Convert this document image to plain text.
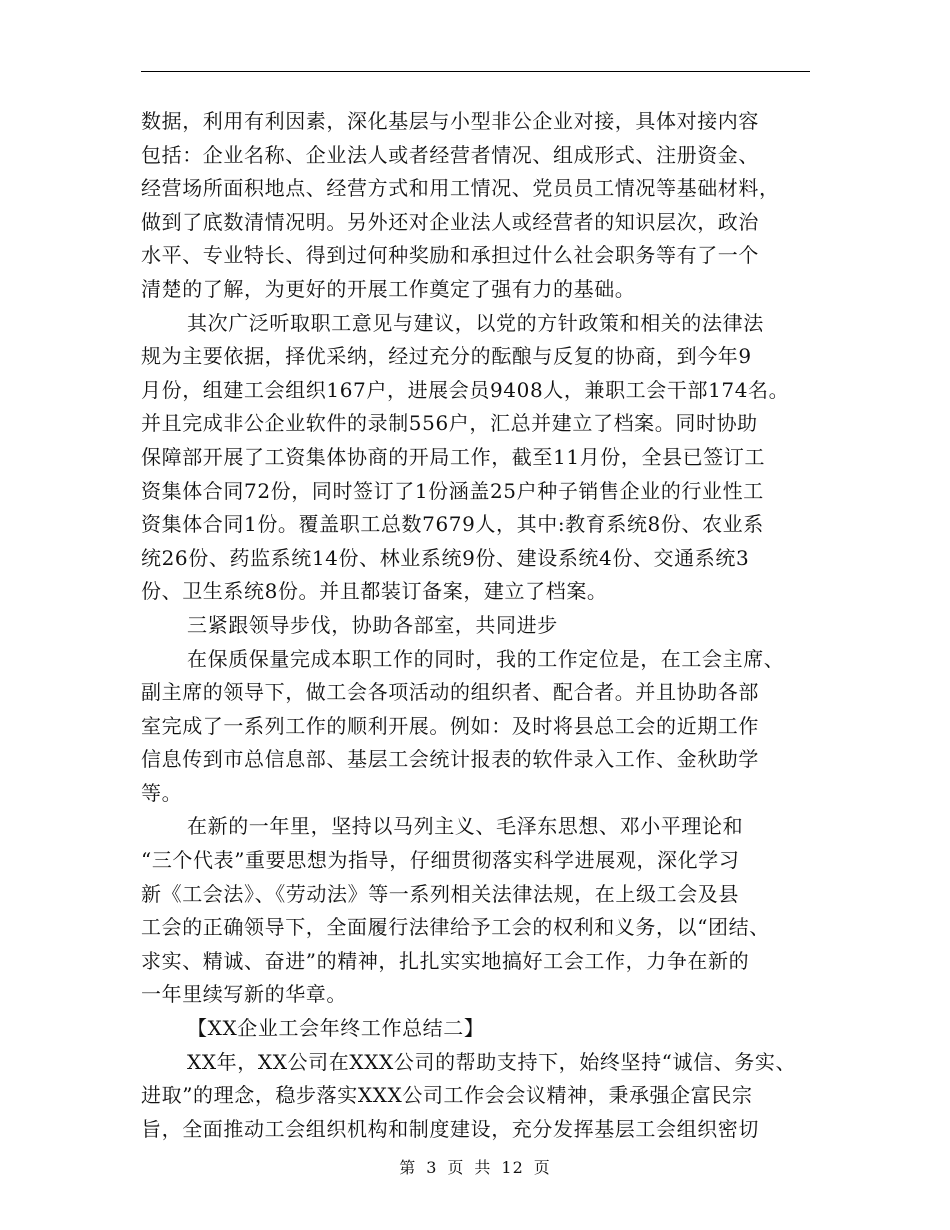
数据，利用有利因素，深化基层与小型非公企业对接，具体对接内容
包括：企业名称、企业法人或者经营者情况、组成形式、注册资金、
经营场所面积地点、经营方式和用工情况、党员员工情况等基础材料，
做到了底数清情况明。另外还对企业法人或经营者的知识层次，政治
水平、专业特长、得到过何种奖励和承担过什么社会职务等有了一个
清楚的了解，为更好的开展工作奠定了强有力的基础。
其次广泛听取职工意见与建议，以党的方针政策和相关的法律法
规为主要依据，择优采纳，经过充分的酝酿与反复的协商，到今年9
月份，组建工会组织167户，进展会员9408人，兼职工会干部174名。
并且完成非公企业软件的录制556户，汇总并建立了档案。同时协助
保障部开展了工资集体协商的开局工作，截至11月份，全县已签订工
资集体合同72份，同时签订了1份涵盖25户种子销售企业的行业性工
资集体合同1份。覆盖职工总数7679人，其中:教育系统8份、农业系
统26份、药监系统14份、林业系统9份、建设系统4份、交通系统3
份、卫生系统8份。并且都装订备案，建立了档案。
三紧跟领导步伐，协助各部室，共同进步
在保质保量完成本职工作的同时，我的工作定位是，在工会主席、
副主席的领导下，做工会各项活动的组织者、配合者。并且协助各部
室完成了一系列工作的顺利开展。例如：及时将县总工会的近期工作
信息传到市总信息部、基层工会统计报表的软件录入工作、金秋助学
等。
在新的一年里，坚持以马列主义、毛泽东思想、邓小平理论和
“三个代表”重要思想为指导，仔细贯彻落实科学进展观，深化学习
新《工会法》、《劳动法》等一系列相关法律法规，在上级工会及县
工会的正确领导下，全面履行法律给予工会的权利和义务，以“团结、
求实、精诚、奋进”的精神，扎扎实实地搞好工会工作，力争在新的
一年里续写新的华章。
【XX企业工会年终工作总结二】
XX年，XX公司在XXX公司的帮助支持下，始终坚持“诚信、务实、
进取”的理念，稳步落实XXX公司工作会会议精神，秉承强企富民宗
旨，全面推动工会组织机构和制度建设，充分发挥基层工会组织密切
第 3 页 共 12 页
